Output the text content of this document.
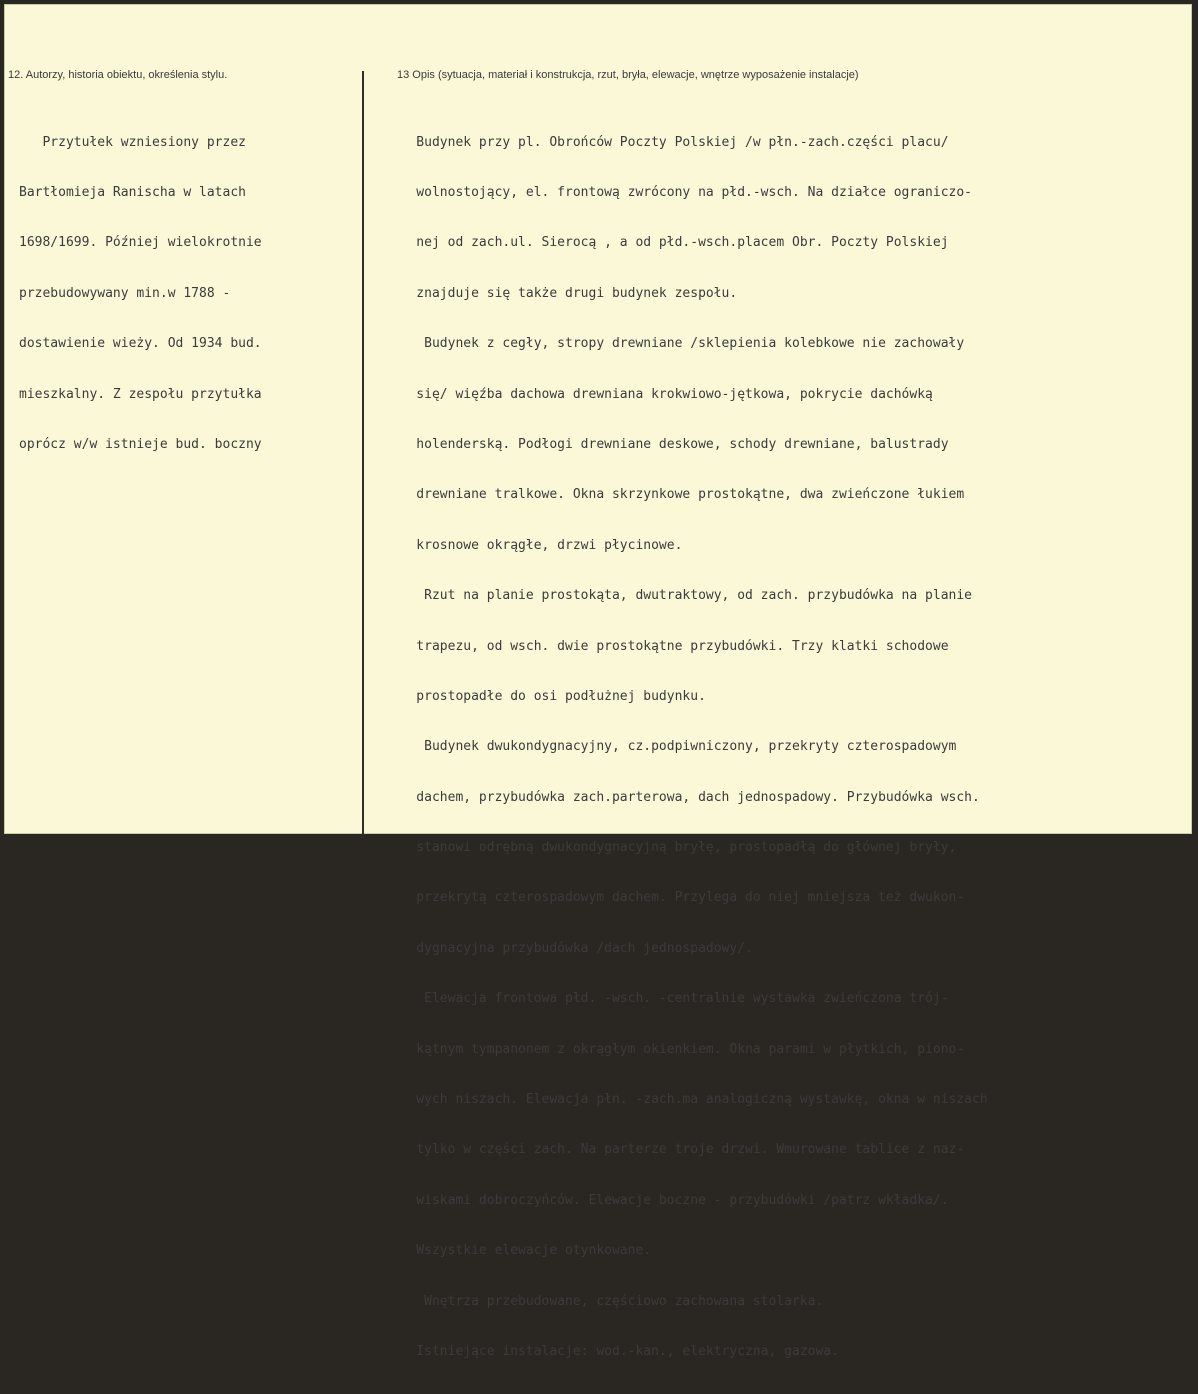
12. Autorzy, historia obiektu, określenia stylu.	13 Opis (sytuacja, materiał i konstrukcja, rzut, bryła, elewacje, wnętrze wyposażenie instalacje)

Przytułek wzniesiony przez

Bartłomieja Ranischa w latach

1698/1699. Później wielokrotnie

przebudowywany min.w 1788 -

dostawienie wieży. Od 1934 bud.

mieszkalny. Z zespołu przytułka

oprócz w/w istnieje bud. boczny

Budynek przy pl. Obrońców Poczty Polskiej /w płn.-zach.części placu/

wolnostojący, el. frontową zwrócony na płd.-wsch. Na działce ograniczo-

nej od zach.ul. Sierocą , a od płd.-wsch.placem Obr. Poczty Polskiej

znajduje się także drugi budynek zespołu.

Budynek z cegły, stropy drewniane /sklepienia kolebkowe nie zachowały

się/ więźba dachowa drewniana krokwiowo-jętkowa, pokrycie dachówką

holenderską. Podłogi drewniane deskowe, schody drewniane, balustrady

drewniane tralkowe. Okna skrzynkowe prostokątne, dwa zwieńczone łukiem

krosnowe okrągłe, drzwi płycinowe.

Rzut na planie prostokąta, dwutraktowy, od zach. przybudówka na planie

trapezu, od wsch. dwie prostokątne przybudówki. Trzy klatki schodowe

prostopadłe do osi podłużnej budynku.

Budynek dwukondygnacyjny, cz.podpiwniczony, przekryty czterospadowym

dachem, przybudówka zach.parterowa, dach jednospadowy. Przybudówka wsch.

stanowi odrębną dwukondygnacyjną bryłę, prostopadłą do głównej bryły,

przekrytą czterospadowym dachem. Przylega do niej mniejsza też dwukon-

dygnacyjna przybudówka /dach jednospadowy/.

Elewacja frontowa płd. -wsch. -centralnie wystawka zwieńczona trój-

kątnym tympanonem z okrągłym okienkiem. Okna parami w płytkich, piono-

wych niszach. Elewacja płn. -zach.ma analogiczną wystawkę, okna w niszach

tylko w części zach. Na parterze troje drzwi. Wmurowane tablice z naz-

wiskami dobroczyńców. Elewacje boczne - przybudówki /patrz wkładka/.

Wszystkie elewacje otynkowane.

Wnętrza przebudowane, częściowo zachowana stolarka.

Istniejące instalacje: wod.-kan., elektryczna, gazowa.
